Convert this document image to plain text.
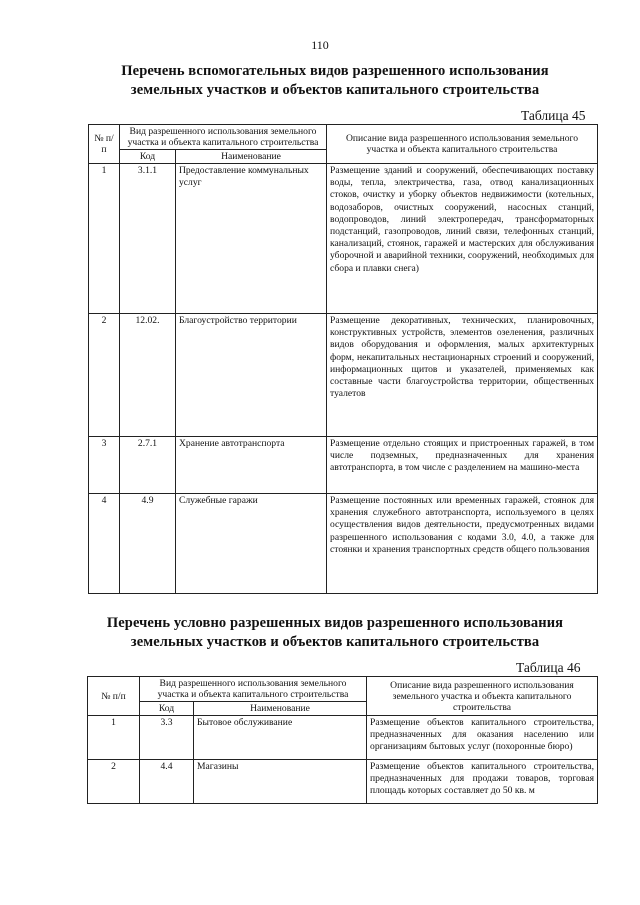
110
Перечень вспомогательных видов разрешенного использования
земельных участков и объектов капитального строительства
Таблица 45
№ п/п	Вид разрешенного использования земельного участка и объекта капитального строительства		Описание вида разрешенного использования земельного участка и объекта капитального строительства
	Код	Наименование	
1	3.1.1	Предоставление коммунальных услуг	Размещение зданий и сооружений, обеспечивающих поставку воды, тепла, электричества, газа, отвод канализационных стоков, очистку и уборку объектов недвижимости (котельных, водозаборов, очистных сооружений, насосных станций, водопроводов, линий электропередач, трансформаторных подстанций, газопроводов, линий связи, телефонных станций, канализаций, стоянок, гаражей и мастерских для обслуживания уборочной и аварийной техники, сооружений, необходимых для сбора и плавки снега)
2	12.02.	Благоустройство территории	Размещение декоративных, технических, планировочных, конструктивных устройств, элементов озеленения, различных видов оборудования и оформления, малых архитектурных форм, некапитальных нестационарных строений и сооружений, информационных щитов и указателей, применяемых как составные части благоустройства территории, общественных туалетов
3	2.7.1	Хранение автотранспорта	Размещение отдельно стоящих и пристроенных гаражей, в том числе подземных, предназначенных для хранения автотранспорта, в том числе с разделением на машино-места
4	4.9	Служебные гаражи	Размещение постоянных или временных гаражей, стоянок для хранения служебного автотранспорта, используемого в целях осуществления видов деятельности, предусмотренных видами разрешенного использования с кодами 3.0, 4.0, а также для стоянки и хранения транспортных средств общего пользования
Перечень условно разрешенных видов разрешенного использования
земельных участков и объектов капитального строительства
Таблица 46
№ п/п	Вид разрешенного использования земельного участка и объекта капитального строительства		Описание вида разрешенного использования земельного участка и объекта капитального строительства
	Код	Наименование	
1	3.3	Бытовое обслуживание	Размещение объектов капитального строительства, предназначенных для оказания населению или организациям бытовых услуг (похоронные бюро)
2	4.4	Магазины	Размещение объектов капитального строительства, предназначенных для продажи товаров, торговая площадь которых составляет до 50 кв. м
